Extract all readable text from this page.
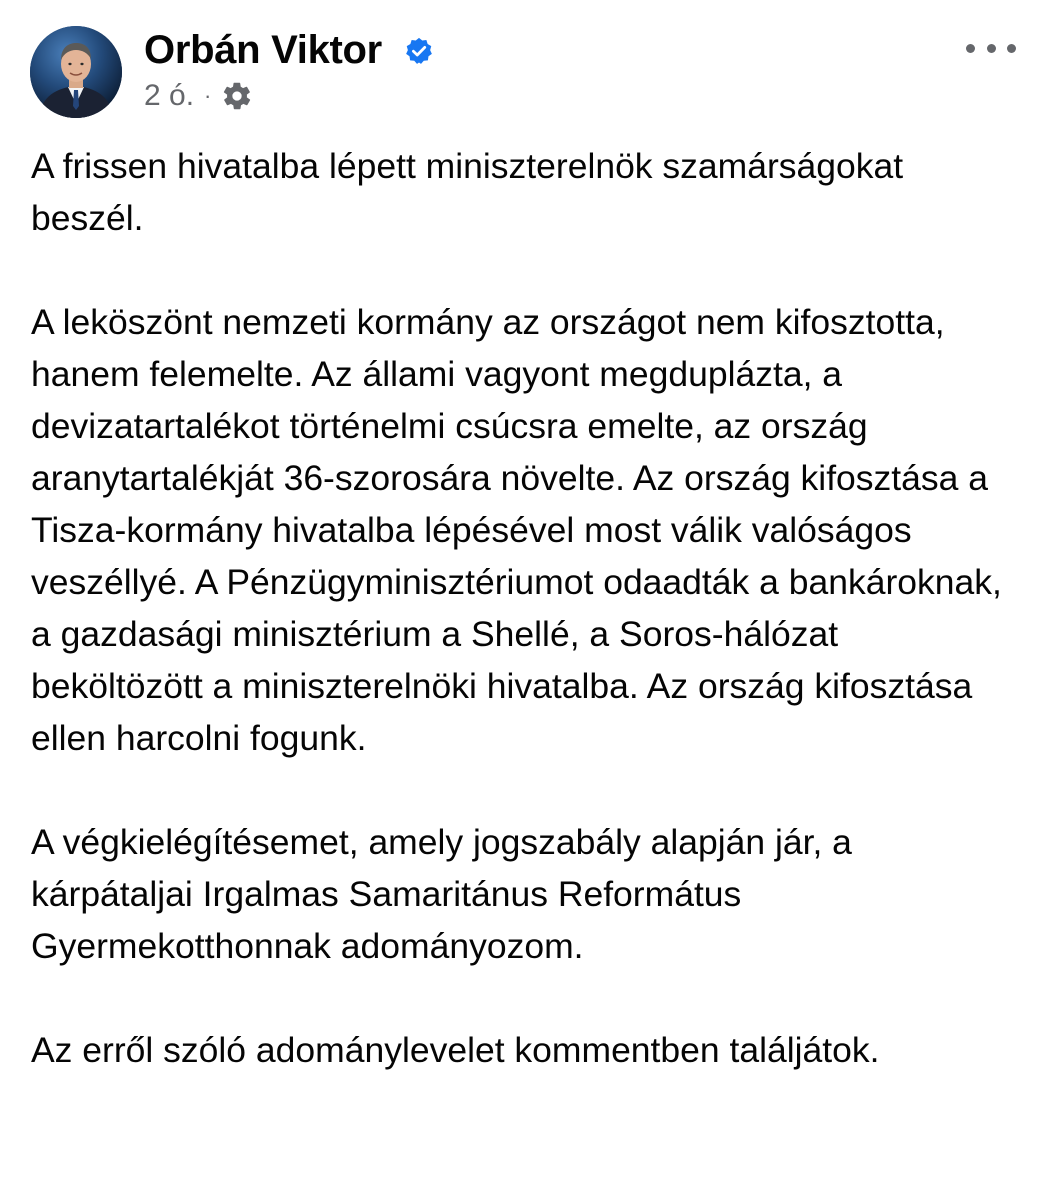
Orbán Viktor
2 ó. ·

A frissen hivatalba lépett miniszterelnök szamárságokat beszél.

A leköszönt nemzeti kormány az országot nem kifosztotta, hanem felemelte. Az állami vagyont megduplázta, a devizatartalékot történelmi csúcsra emelte, az ország aranytartalékját 36-szorosára növelte. Az ország kifosztása a Tisza-kormány hivatalba lépésével most válik valóságos veszéllyé. A Pénzügyminisztériumot odaadták a bankároknak, a gazdasági minisztérium a Shellé, a Soros-hálózat beköltözött a miniszterelnöki hivatalba. Az ország kifosztása ellen harcolni fogunk.

A végkielégítésemet, amely jogszabály alapján jár, a kárpátaljai Irgalmas Samaritánus Református Gyermekotthonnak adományozom.

Az erről szóló adománylevelet kommentben találjátok.
